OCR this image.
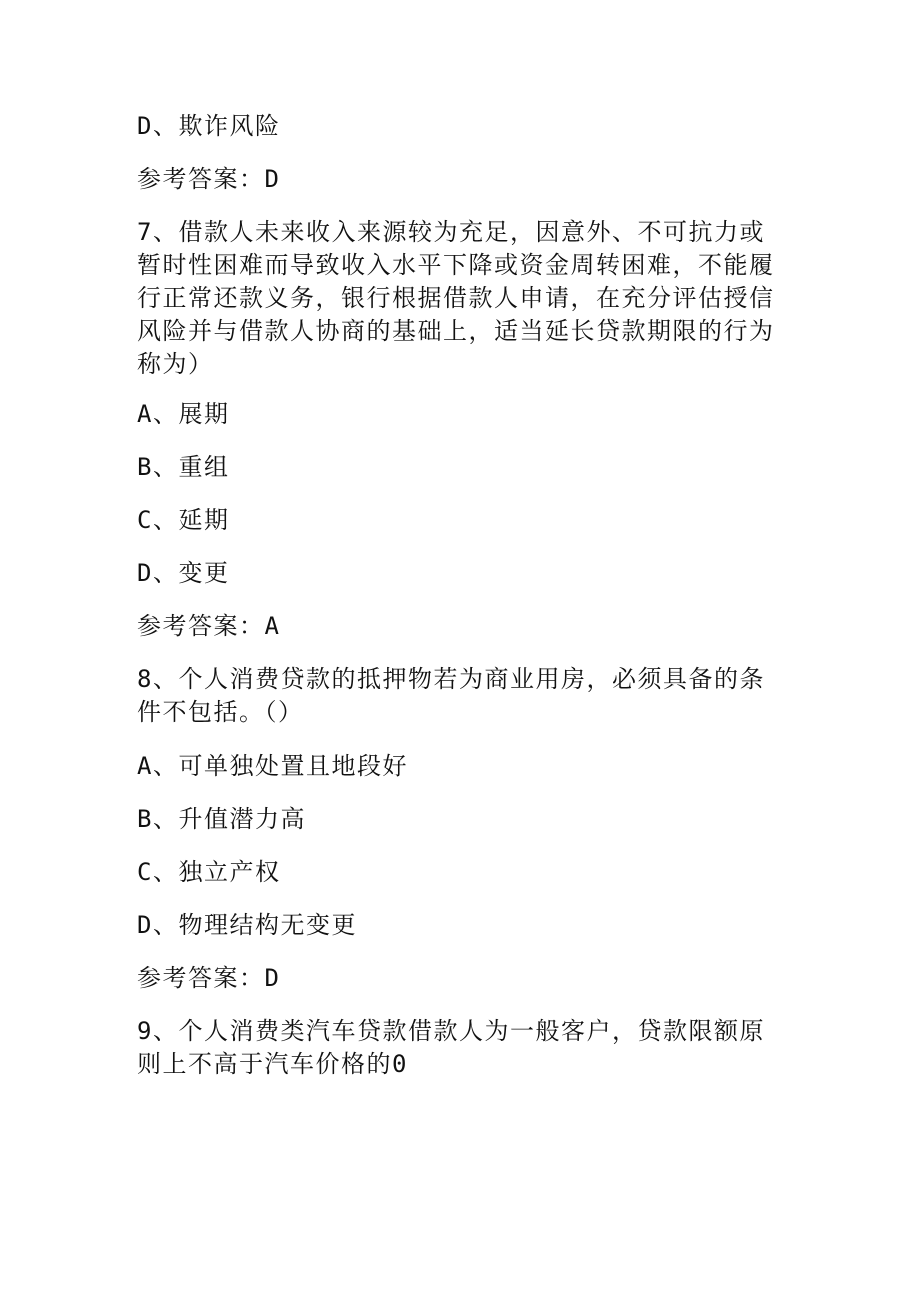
D、欺诈风险
参考答案：D
7、借款人未来收入来源较为充足，因意外、不可抗力或暂时性困难而导致收入水平下降或资金周转困难，不能履行正常还款义务，银行根据借款人申请，在充分评估授信风险并与借款人协商的基础上，适当延长贷款期限的行为称为）
A、展期
B、重组
C、延期
D、变更
参考答案：A
8、个人消费贷款的抵押物若为商业用房，必须具备的条件不包括。（）
A、可单独处置且地段好
B、升值潜力高
C、独立产权
D、物理结构无变更
参考答案：D
9、个人消费类汽车贷款借款人为一般客户，贷款限额原则上不高于汽车价格的0
